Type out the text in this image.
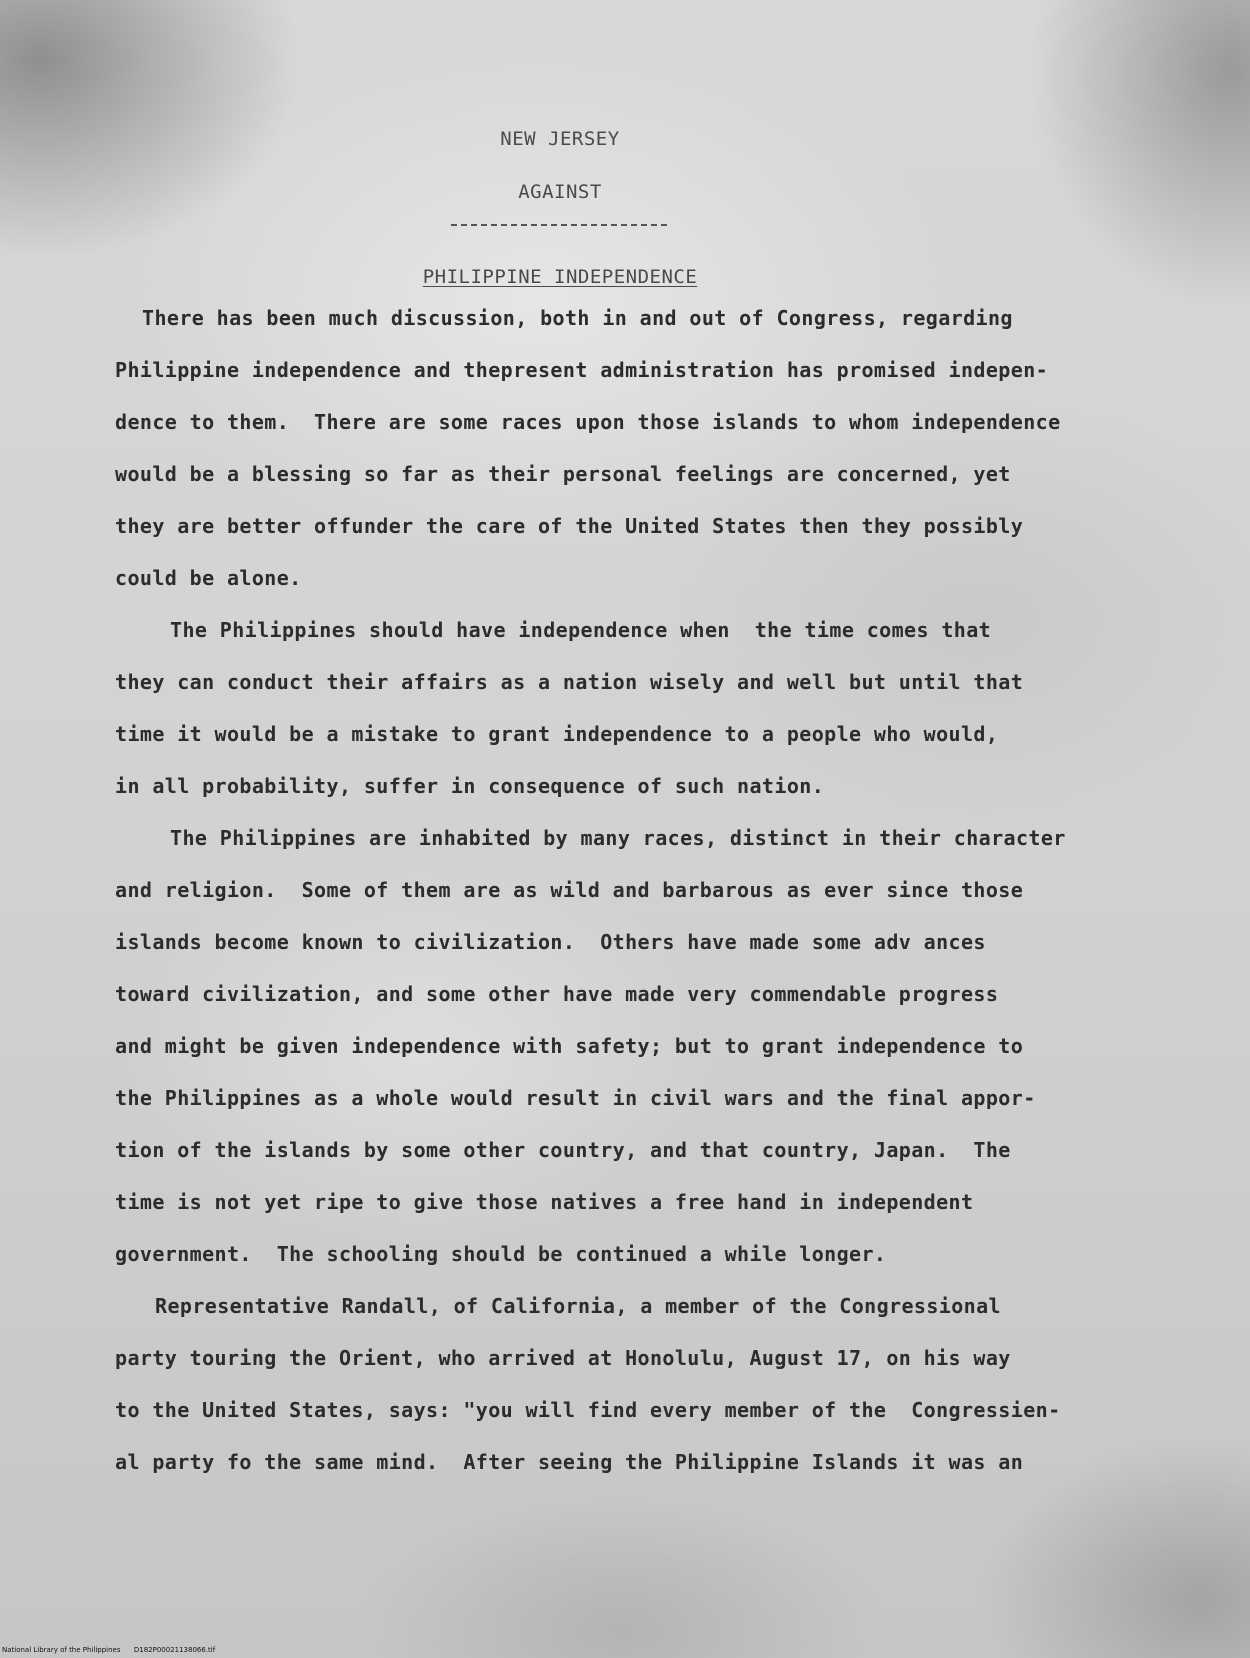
NEW JERSEY
AGAINST
PHILIPPINE INDEPENDENCE
There has been much discussion, both in and out of Congress, regarding
Philippine independence and thepresent administration has promised indepen-
dence to them.  There are some races upon those islands to whom independence
would be a blessing so far as their personal feelings are concerned, yet
they are better offunder the care of the United States then they possibly
could be alone.
The Philippines should have independence when  the time comes that
they can conduct their affairs as a nation wisely and well but until that
time it would be a mistake to grant independence to a people who would,
in all probability, suffer in consequence of such nation.
The Philippines are inhabited by many races, distinct in their character
and religion.  Some of them are as wild and barbarous as ever since those
islands become known to civilization.  Others have made some adv ances
toward civilization, and some other have made very commendable progress
and might be given independence with safety; but to grant independence to
the Philippines as a whole would result in civil wars and the final appor-
tion of the islands by some other country, and that country, Japan.  The
time is not yet ripe to give those natives a free hand in independent
government.  The schooling should be continued a while longer.
Representative Randall, of California, a member of the Congressional
party touring the Orient, who arrived at Honolulu, August 17, on his way
to the United States, says: "you will find every member of the  Congressien-
al party fo the same mind.  After seeing the Philippine Islands it was an
National Library of the Philippines D182P00021138066.tif
